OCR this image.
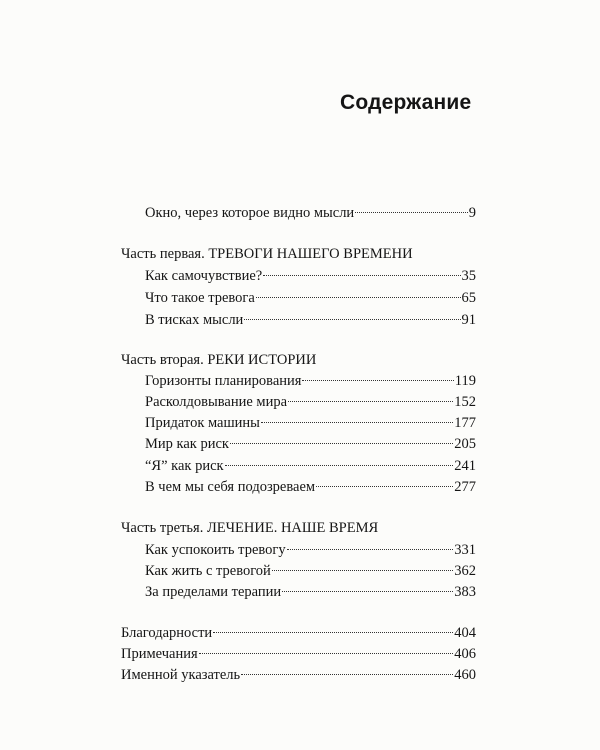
Содержание
Окно, через которое видно мысли	9
Часть первая. ТРЕВОГИ НАШЕГО ВРЕМЕНИ
Как самочувствие?	35
Что такое тревога	65
В тисках мысли	91
Часть вторая. РЕКИ ИСТОРИИ
Горизонты планирования	119
Расколдовывание мира	152
Придаток машины	177
Мир как риск	205
“Я” как риск	241
В чем мы себя подозреваем	277
Часть третья. ЛЕЧЕНИЕ. НАШЕ ВРЕМЯ
Как успокоить тревогу	331
Как жить с тревогой	362
За пределами терапии	383
Благодарности	404
Примечания	406
Именной указатель	460
